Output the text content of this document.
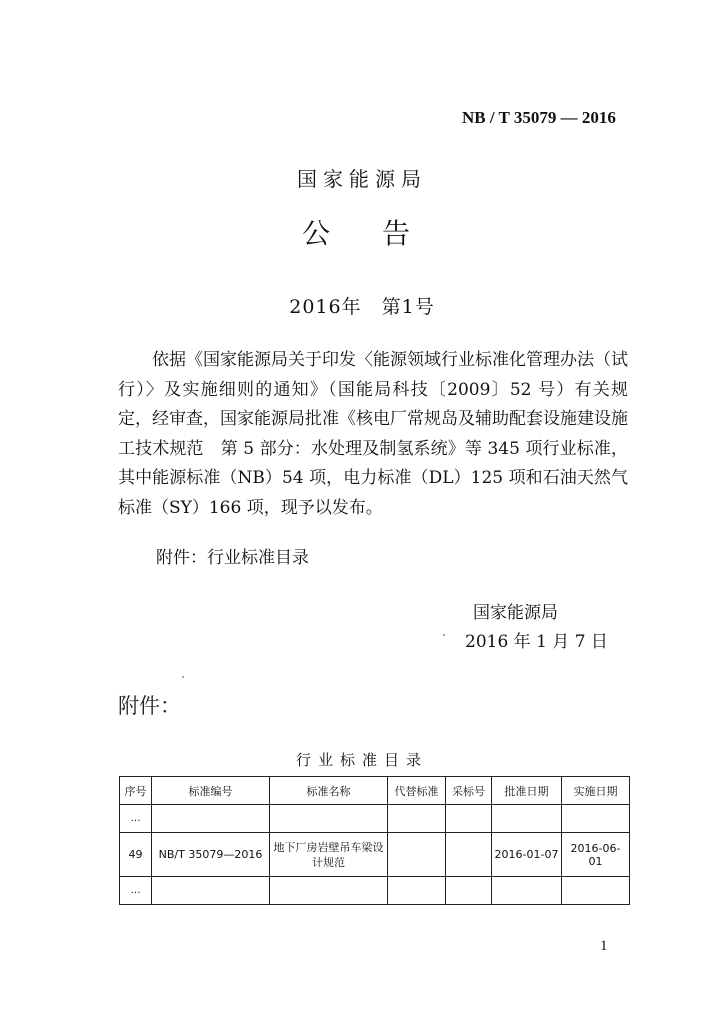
NB / T 35079 — 2016
国家能源局
公告
2016年　第1号
依据《国家能源局关于印发〈能源领域行业标准化管理办法（试行）〉及实施细则的通知》（国能局科技〔2009〕52 号）有关规定，经审查，国家能源局批准《核电厂常规岛及辅助配套设施建设施工技术规范　第 5 部分：水处理及制氢系统》等 345 项行业标准，其中能源标准（NB）54 项，电力标准（DL）125 项和石油天然气标准（SY）166 项，现予以发布。
附件：行业标准目录
国家能源局
2016 年 1 月 7 日
附件：
行业标准目录
序号	标准编号	标准名称	代替标准	采标号	批准日期	实施日期
…						
49	NB/T 35079—2016	地下厂房岩壁吊车梁设计规范			2016-01-07	2016-06-01
…						
1
